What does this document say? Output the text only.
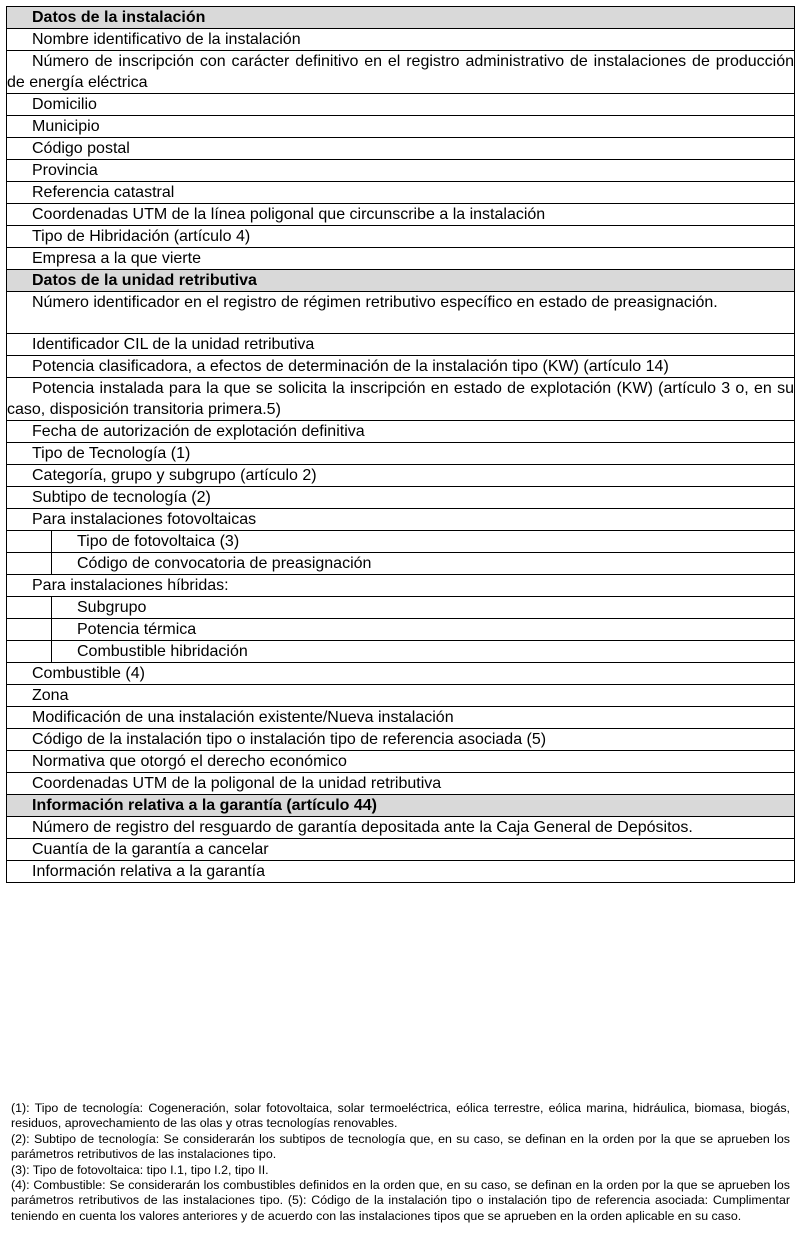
Datos de la instalación	
Nombre identificativo de la instalación	
Número de inscripción con carácter definitivo en el registro administrativo de instalaciones de producción de energía eléctrica	
Domicilio	
Municipio	
Código postal	
Provincia	
Referencia catastral	
Coordenadas UTM de la línea poligonal que circunscribe a la instalación	
Tipo de Hibridación (artículo 4)	
Empresa a la que vierte	
Datos de la unidad retributiva	
Número identificador en el registro de régimen retributivo específico en estado de preasignación.	
Identificador CIL de la unidad retributiva	
Potencia clasificadora, a efectos de determinación de la instalación tipo (KW) (artículo 14)	
Potencia instalada para la que se solicita la inscripción en estado de explotación (KW) (artículo 3 o, en su caso, disposición transitoria primera.5)	
Fecha de autorización de explotación definitiva	
Tipo de Tecnología (1)	
Categoría, grupo y subgrupo (artículo 2)	
Subtipo de tecnología (2)	
Para instalaciones fotovoltaicas	
	Tipo de fotovoltaica (3)
	Código de convocatoria de preasignación
Para instalaciones híbridas:	
	Subgrupo
	Potencia térmica
	Combustible hibridación
Combustible (4)	
Zona	
Modificación de una instalación existente/Nueva instalación	
Código de la instalación tipo o instalación tipo de referencia asociada (5)	
Normativa que otorgó el derecho económico	
Coordenadas UTM de la poligonal de la unidad retributiva	
Información relativa a la garantía (artículo 44)	
Número de registro del resguardo de garantía depositada ante la Caja General de Depósitos.	
Cuantía de la garantía a cancelar	
Información relativa a la garantía	

(1): Tipo de tecnología: Cogeneración, solar fotovoltaica, solar termoeléctrica, eólica terrestre, eólica marina, hidráulica, biomasa, biogás, residuos, aprovechamiento de las olas y otras tecnologías renovables.

(2): Subtipo de tecnología: Se considerarán los subtipos de tecnología que, en su caso, se definan en la orden por la que se aprueben los parámetros retributivos de las instalaciones tipo.

(3): Tipo de fotovoltaica: tipo I.1, tipo I.2, tipo II.

(4): Combustible: Se considerarán los combustibles definidos en la orden que, en su caso, se definan en la orden por la que se aprueben los parámetros retributivos de las instalaciones tipo. (5): Código de la instalación tipo o instalación tipo de referencia asociada: Cumplimentar teniendo en cuenta los valores anteriores y de acuerdo con las instalaciones tipos que se aprueben en la orden aplicable en su caso.
